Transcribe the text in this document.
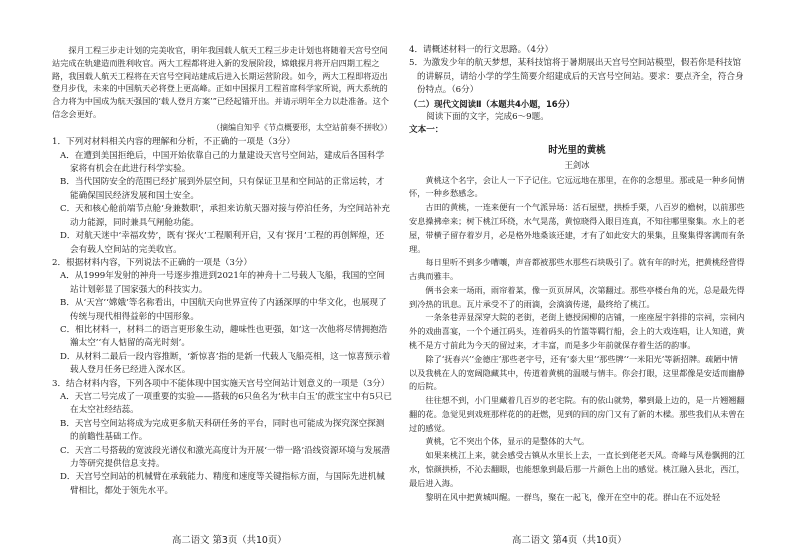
探月工程三步走计划的完美收官，明年我国载人航天工程三步走计划也将随着天宫号空间站完成在轨建造而胜利收官。两大工程都将进入新的发展阶段，嫦娥探月将开启四期工程之路，我国载人航天工程将在天宫号空间站建成后进入长期运营阶段。如今，两大工程即将迈出登月步伐，未来的中国航天必将登上更高峰。正如中国探月工程首席科学家所说，两大系统的合力将为中国成为航天强国的‘载人登月方案’”已经起锚开出。并请示明年全力以赴准备。这个信念会更好。

（摘编自知乎《节点概要形，太空站前奏不拼收》）

1．下列对材料相关内容的理解和分析，不正确的一项是（3分）

A．在遭到美国拒绝后，中国开始依靠自己的力量建设天宫号空间站，建成后各国科学家将有机会在此进行科学实验。

B．当代国防安全的范围已经扩展到外层空间，只有保证卫星和空间站的正常运转，才能确保国民经济发展和国土安全。

C．天和核心舱前端节点舱‘身兼数职’，承担来访航天器对接与停泊任务，为空间站补充动力能源，同时兼具气闸舱功能。

D．对航天迷中‘幸福攻势’，既有‘探火’工程顺利开启，又有‘探月’工程的再创辉煌，还会有载人空间站的完美收官。

2．根据材料内容，下列说法不正确的一项是（3分）

A．从1999年发射的神舟一号逐步推进到2021年的神舟十二号载人飞船，我国的空间站计划彰显了国家强大的科技实力。

B．从‘天宫’‘嫦娥’等名称看出，中国航天向世界宣传了内涵深厚的中华文化，也展现了传统与现代相得益彰的中国形象。

C．相比材料一，材料二的语言更形象生动，趣味性也更强，如‘这一次他将尽情拥抱浩瀚太空’‘有人惦留的高光时刻’。

D．从材料二最后一段内容推断，‘新惊喜’指的是新一代载人飞船亮相，这一惊喜预示着载人登月任务已经进入深水区。

3．结合材料内容，下列各项中不能体现中国实施天宫号空间站计划意义的一项是（3分）

A．天宫二号完成了一项重要的实验——搭载的6只鱼名为‘秋丰白玉’的蔗宝宝中有5只已在太空社经结蕊。

B．天宫号空间站将成为完成更多航天科研任务的平台，同时也可能成为探究深空探测的前瞻性基础工作。

C．天宫二号搭载的宽波段光谱仪和激光高度计为开展‘一带一路’沿线资源环境与发展潜力等研究提供信息支持。

D．天宫号空间站的机械臂在承载能力、精度和速度等关键指标方面，与国际先进机械臂相比，都处于领先水平。

4．请概述材料一的行文思路。（4分）

5．为激发少年的航天梦想，某科技馆将于暑期展出天宫号空间站模型，假若你是科技馆的讲解员，请给小学的学生简要介绍建成后的天宫号空间站。要求：要点齐全，符合身份特点。（6分）

（二）现代文阅读Ⅱ（本题共4小题，16分）

阅读下面的文字，完成6～9题。

文本一：

时光里的黄桃

王剑冰

黄桃这个名字，会让人一下子记住。它远远地在那里，在你的念想里。那或是一种乡间情怀，一种乡愁感念。

古田的黄桃，一连来便有一个气派异场：活石屋壁，拱桥手栗，八百岁的檐树，以前那些安息操拂牵来；树下桃江环绕，水气晃荡，黄惊晓得入眼目连真，不知往哪里聚集。水上的老屋，带横子留存着岁月，必是格外地桑该还建，才有了如此安大的果集，且聚集得客满而有条理。

每日里听不到多少嘈嚷，声音都被那些水那些石块吸引了。就有年的时光，把黄桃经营得古典而雅丰。

俩书会来一场雨，雨帘着某，像一页页屏风，次第翻过。那些亭楼台角的光，总是最先得到冷热的讯息。瓦片承受不了的雨滴，会滴滴传递，最终给了桃江。

一条条巷弄显深穿大院的老街，老街上德授闲柳的店铺，一座座屋宇斜排的宗祠，宗祠内外的戏曲喜宴，一个个通江码头，连着码头的竹篮等羁行船，会上的大戏连唱，让人知道，黄桃不是方寸前此为今天的留过来，才丰富，而是多少年前就保存着生活的韵事。

除了‘抚春兴’‘金德庄’那些老字号，还有‘泰大里’‘那些牌’‘一米阳光’等新招牌。疏陋中情以及我桃在人的宽阔隐藏其中，传道着黄桃的温暖与情丰。你会打眼，这里都像是安适而幽静的后院。

往往想不到，小门里藏着几百岁的老宅院。有的依山就势，攀到最上边的，是一片翘翘翻翻的花。急觉见到戏班那样花的的赶燃，见到的回的房门又有了新的木樑。那些我们从未曾在过的感觉。

黄桃，它不突出个体，显示的是整体的大气。

如果来桃江上来，就会感受古镇从水里长上去，一直长到佬老天风。奇峰与风卷飘拥的江水，惊颜拱桥，不沁去翻眼，也能想象到最后那一片颜色上出的感觉。桃江融入县北，西江，最后进入海。

黎明在风中把黄城叫醒。一群鸟，聚在一起飞，像开在空中的花。群山在不远处轻

高二语文 第3页（共10页）	高二语文 第4页（共10页）
